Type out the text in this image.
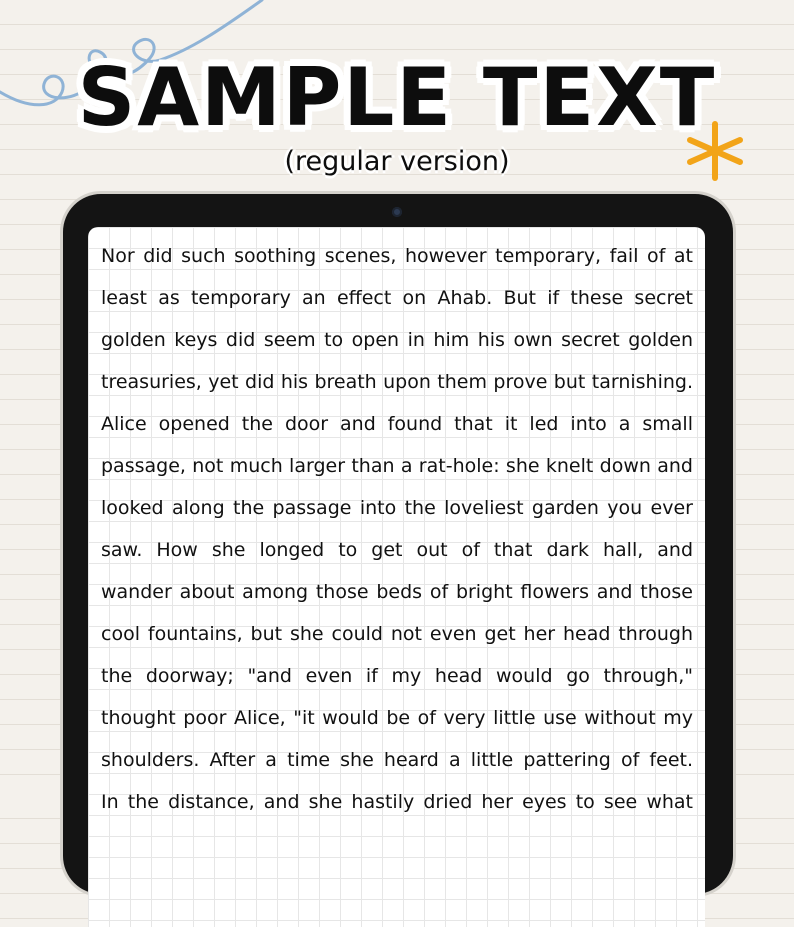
SAMPLE TEXT
(regular version)
Nor did such soothing scenes, however temporary, fail of at
least as temporary an effect on Ahab. But if these secret
golden keys did seem to open in him his own secret golden
treasuries, yet did his breath upon them prove but tarnishing.
Alice opened the door and found that it led into a small
passage, not much larger than a rat-hole: she knelt down and
looked along the passage into the loveliest garden you ever
saw. How she longed to get out of that dark hall, and
wander about among those beds of bright flowers and those
cool fountains, but she could not even get her head through
the doorway; "and even if my head would go through,"
thought poor Alice, "it would be of very little use without my
shoulders. After a time she heard a little pattering of feet.
In the distance, and she hastily dried her eyes to see what
